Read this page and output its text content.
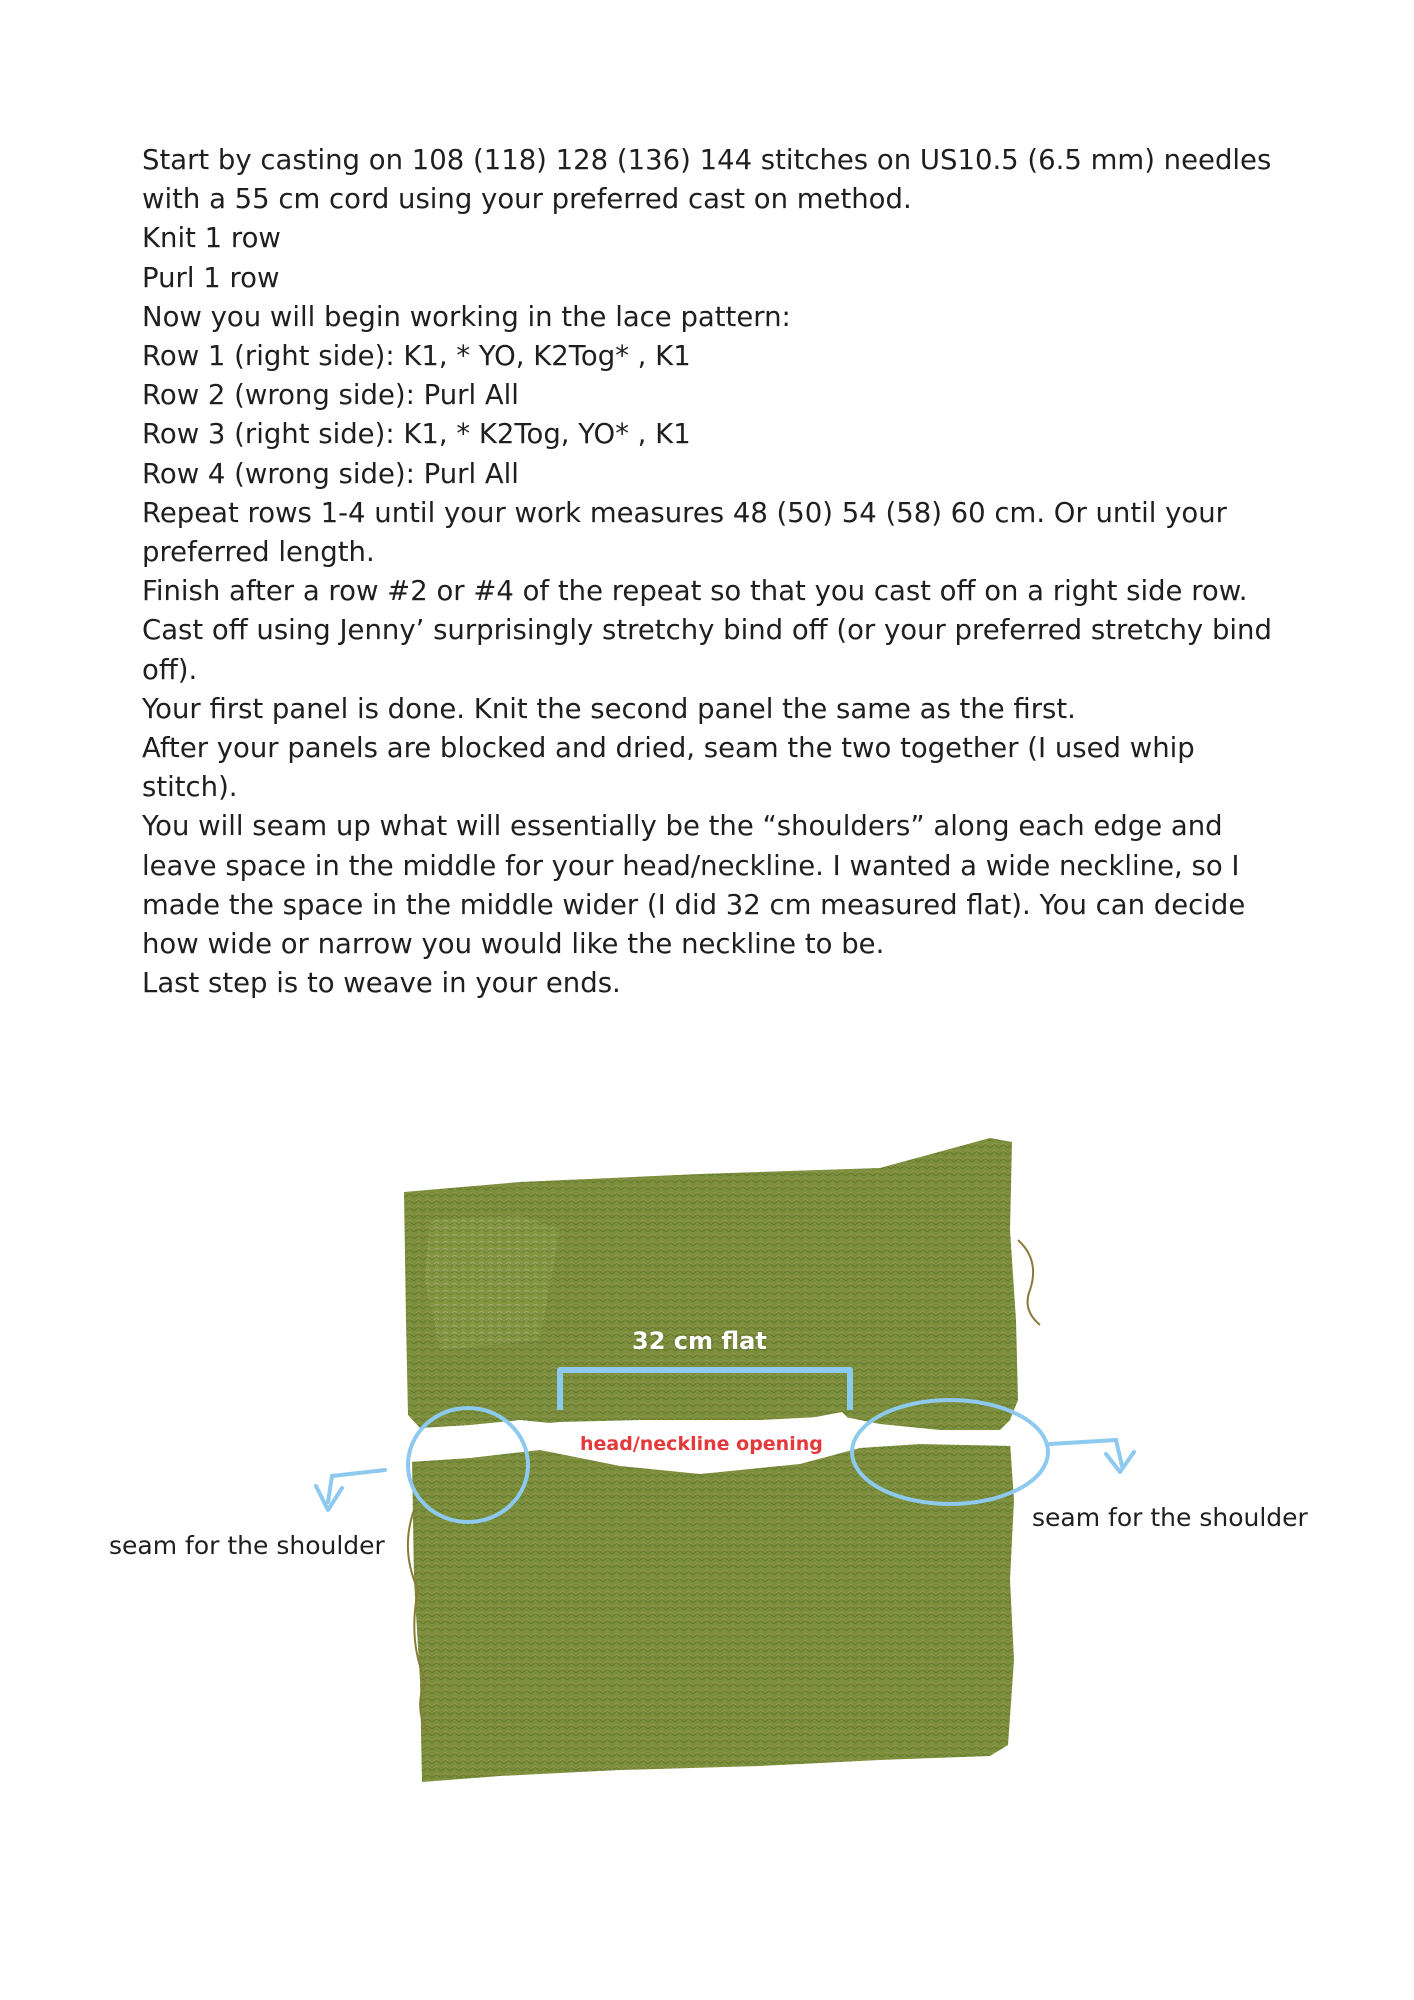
Start by casting on 108 (118) 128 (136) 144 stitches on US10.5 (6.5 mm) needles with a 55 cm cord using your preferred cast on method.

Knit 1 row

Purl 1 row

Now you will begin working in the lace pattern:

Row 1 (right side): K1, * YO, K2Tog* , K1

Row 2 (wrong side): Purl All

Row 3 (right side): K1, * K2Tog, YO* , K1

Row 4 (wrong side): Purl All

Repeat rows 1-4 until your work measures 48 (50) 54 (58) 60 cm. Or until your preferred length.

Finish after a row #2 or #4 of the repeat so that you cast off on a right side row.

Cast off using Jenny’ surprisingly stretchy bind off (or your preferred stretchy bind off).

Your first panel is done. Knit the second panel the same as the first.

After your panels are blocked and dried, seam the two together (I used whip stitch).

You will seam up what will essentially be the “shoulders” along each edge and leave space in the middle for your head/neckline. I wanted a wide neckline, so I made the space in the middle wider (I did 32 cm measured flat). You can decide how wide or narrow you would like the neckline to be.

Last step is to weave in your ends.

32 cm flat
head/neckline opening
seam for the shoulder
seam for the shoulder
